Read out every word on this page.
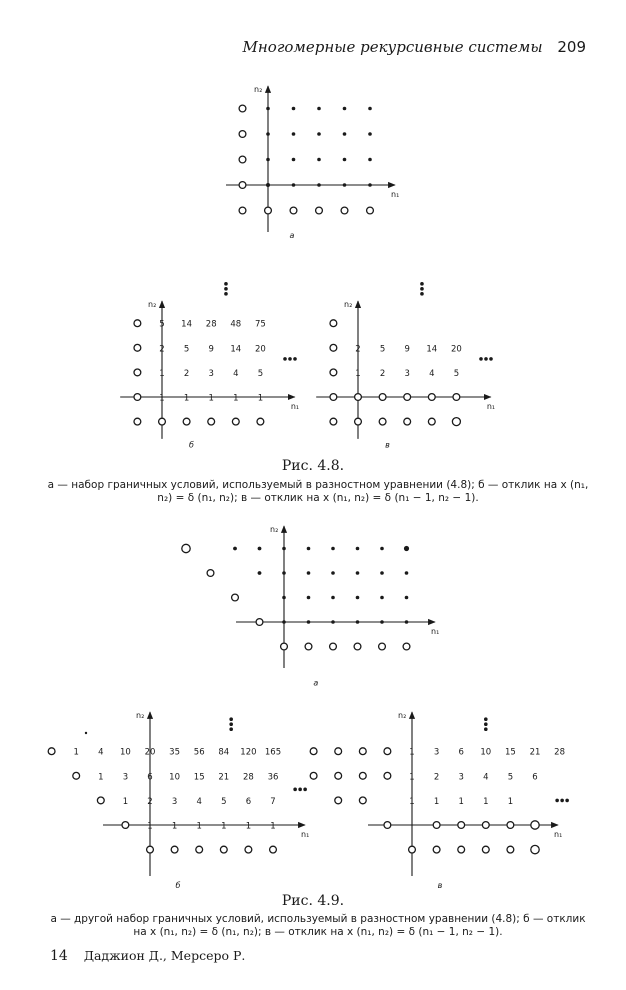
Многомерные рекурсивные системы 209
n₁
n₂
а
n₁
n₂
1 1 1 1 1
1 2 3 4 5
2 5 9 14 20
5 14 28 48 75
б
n₁
n₂
1 2 3 4 5
2 5 9 14 20
в
n₁
n₂
а
n₁
n₂
1 1 1 1 1 1
1 2 3 4 5 6 7
1 3 6 10 15 21 28 36
1 4 10 20 35 56 84 120 165
б
n₁
n₂
1 1 1 1 1
1 2 3 4 5 6
1 3 6 10 15 21 28
в
Рис. 4.8.
а — набор граничных условий, используемый в разностном уравнении (4.8); б — отклик на x (n₁, n₂) = δ (n₁, n₂); в — отклик на x (n₁, n₂) = δ (n₁ − 1, n₂ − 1).
Рис. 4.9.
а — другой набор граничных условий, используемый в разностном уравнении (4.8); б — отклик на x (n₁, n₂) = δ (n₁, n₂); в — отклик на x (n₁, n₂) = δ (n₁ − 1, n₂ − 1).
14 Даджион Д., Мерсеро Р.
